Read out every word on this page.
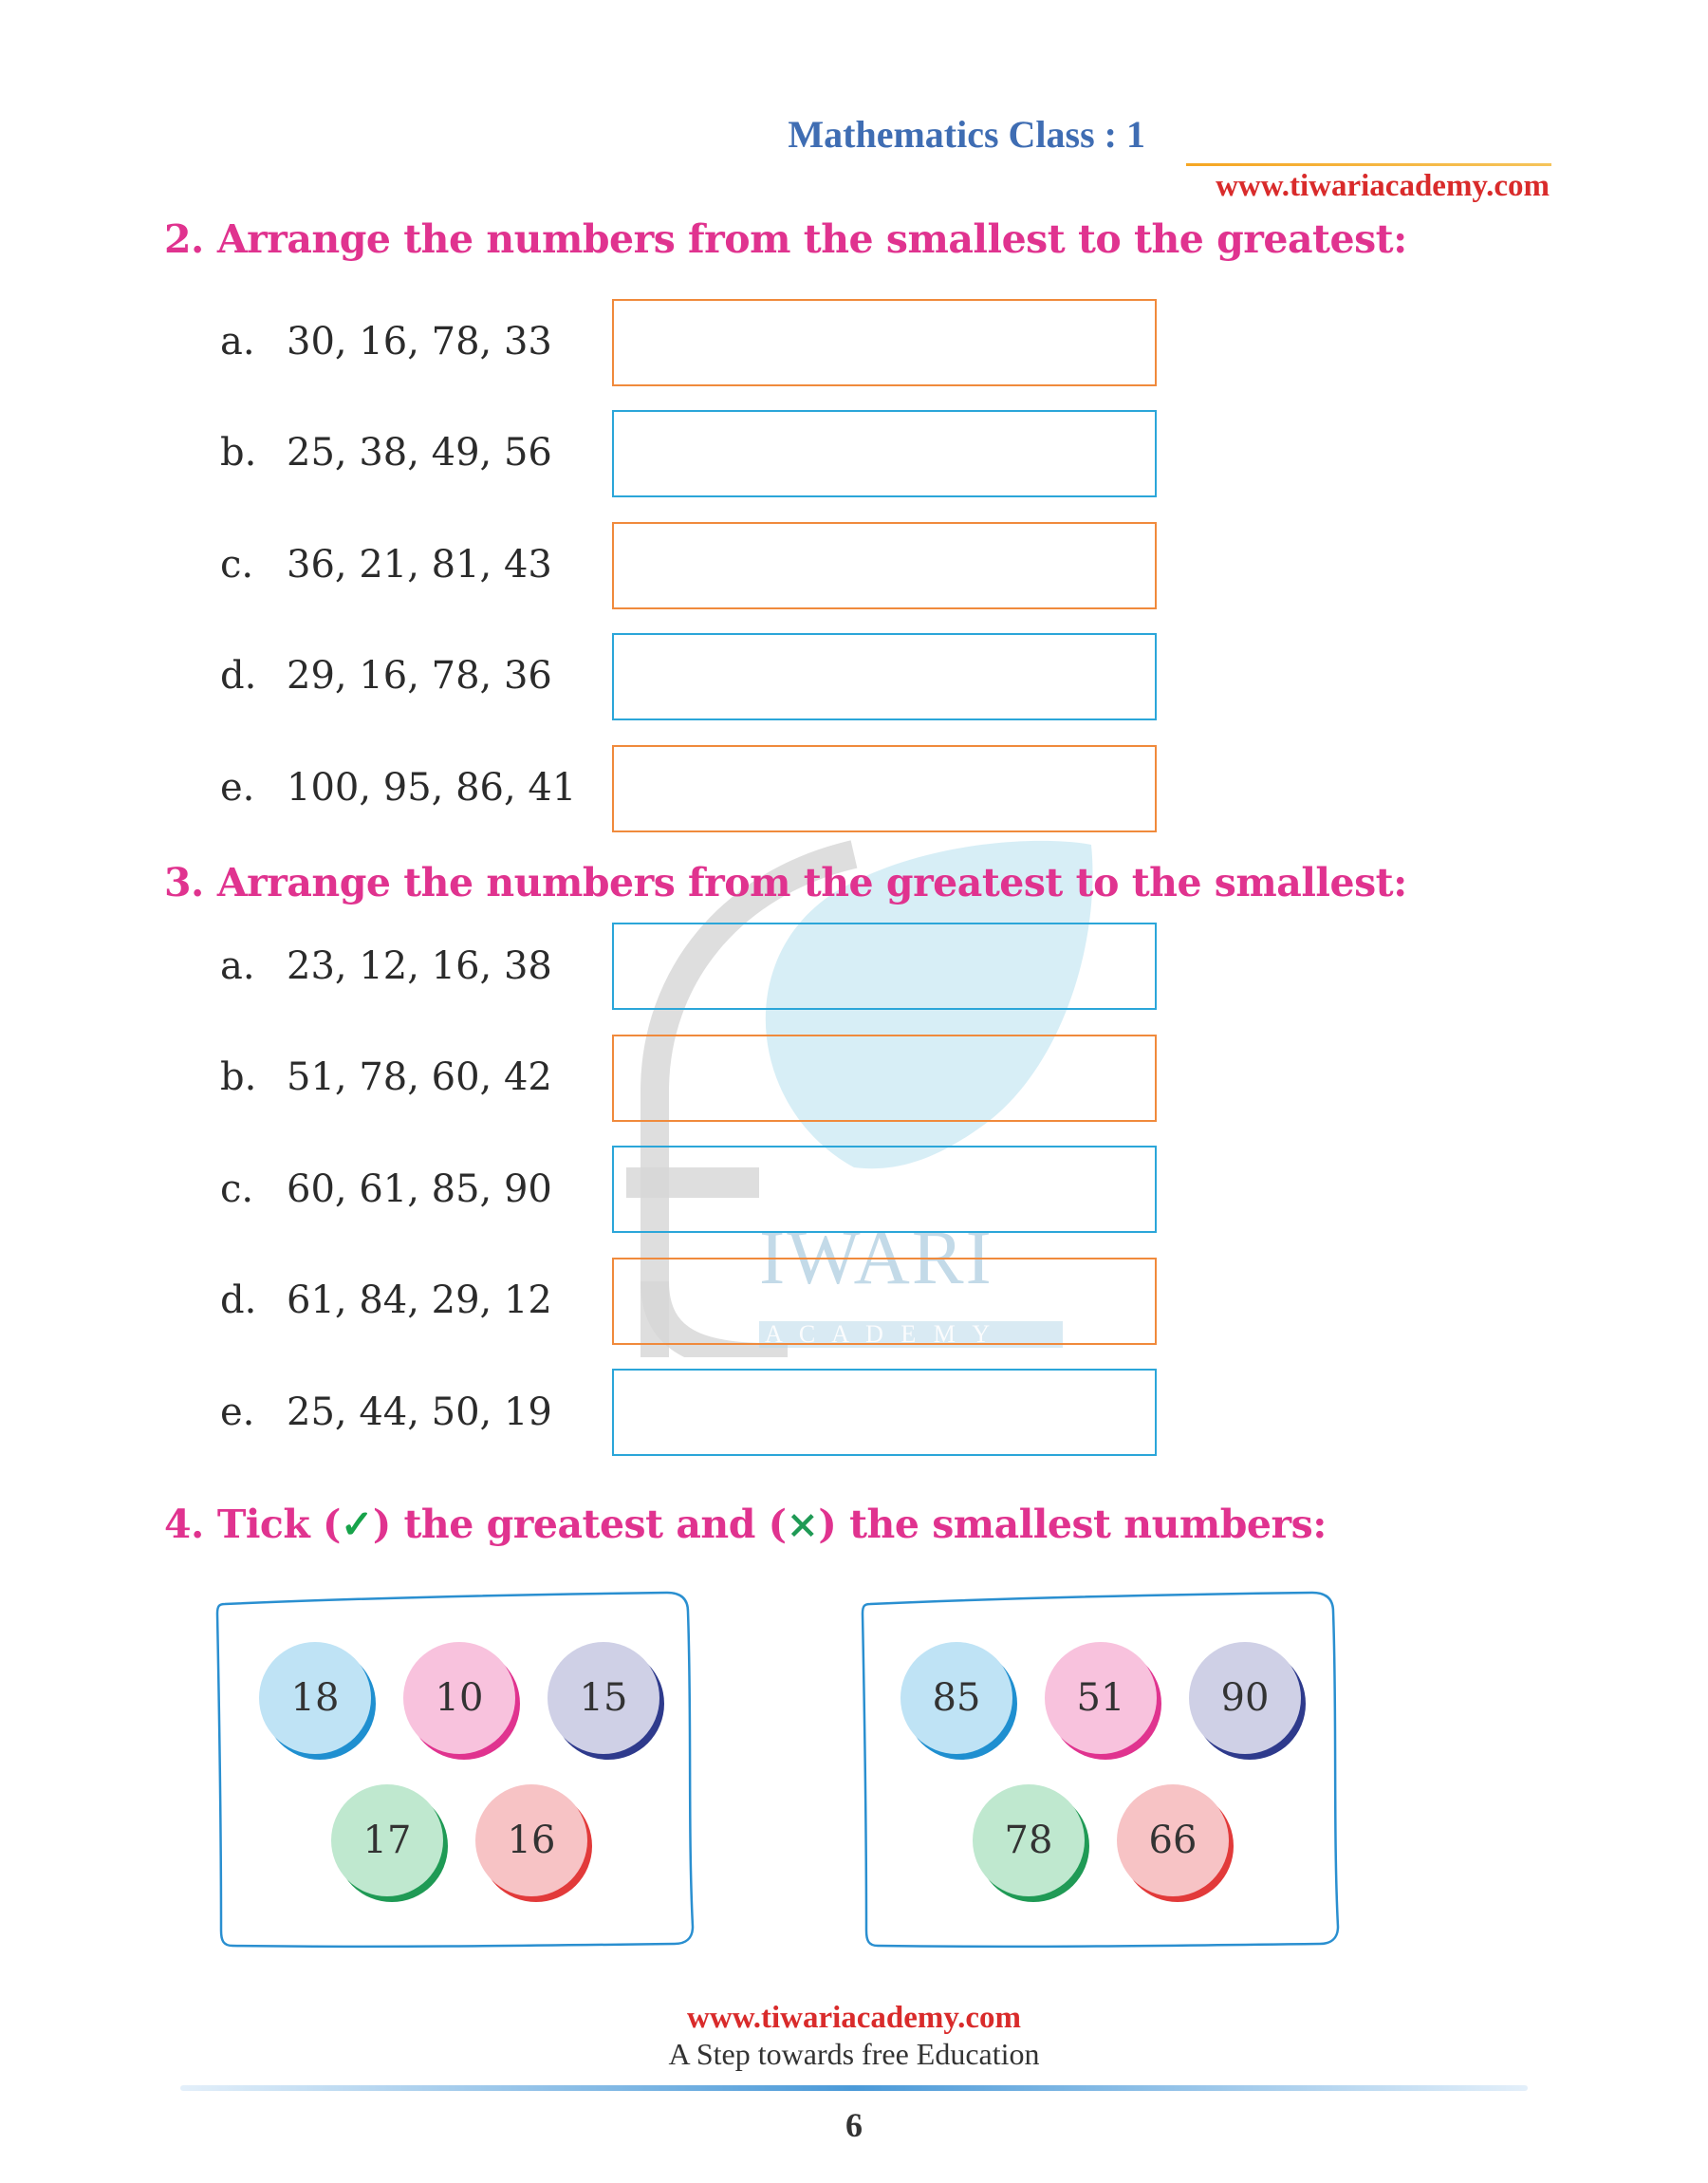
IWARI
A C A D E M Y
Mathematics Class : 1
www.tiwariacademy.com
2. Arrange the numbers from the smallest to the greatest:
a. 30, 16, 78, 33
b. 25, 38, 49, 56
c. 36, 21, 81, 43
d. 29, 16, 78, 36
e. 100, 95, 86, 41
3. Arrange the numbers from the greatest to the smallest:
a. 23, 12, 16, 38
b. 51, 78, 60, 42
c. 60, 61, 85, 90
d. 61, 84, 29, 12
e. 25, 44, 50, 19
4. Tick (✓) the greatest and (×) the smallest numbers:
18	10	15
17	16
85	51	90
78	66
www.tiwariacademy.com
A Step towards free Education
6
